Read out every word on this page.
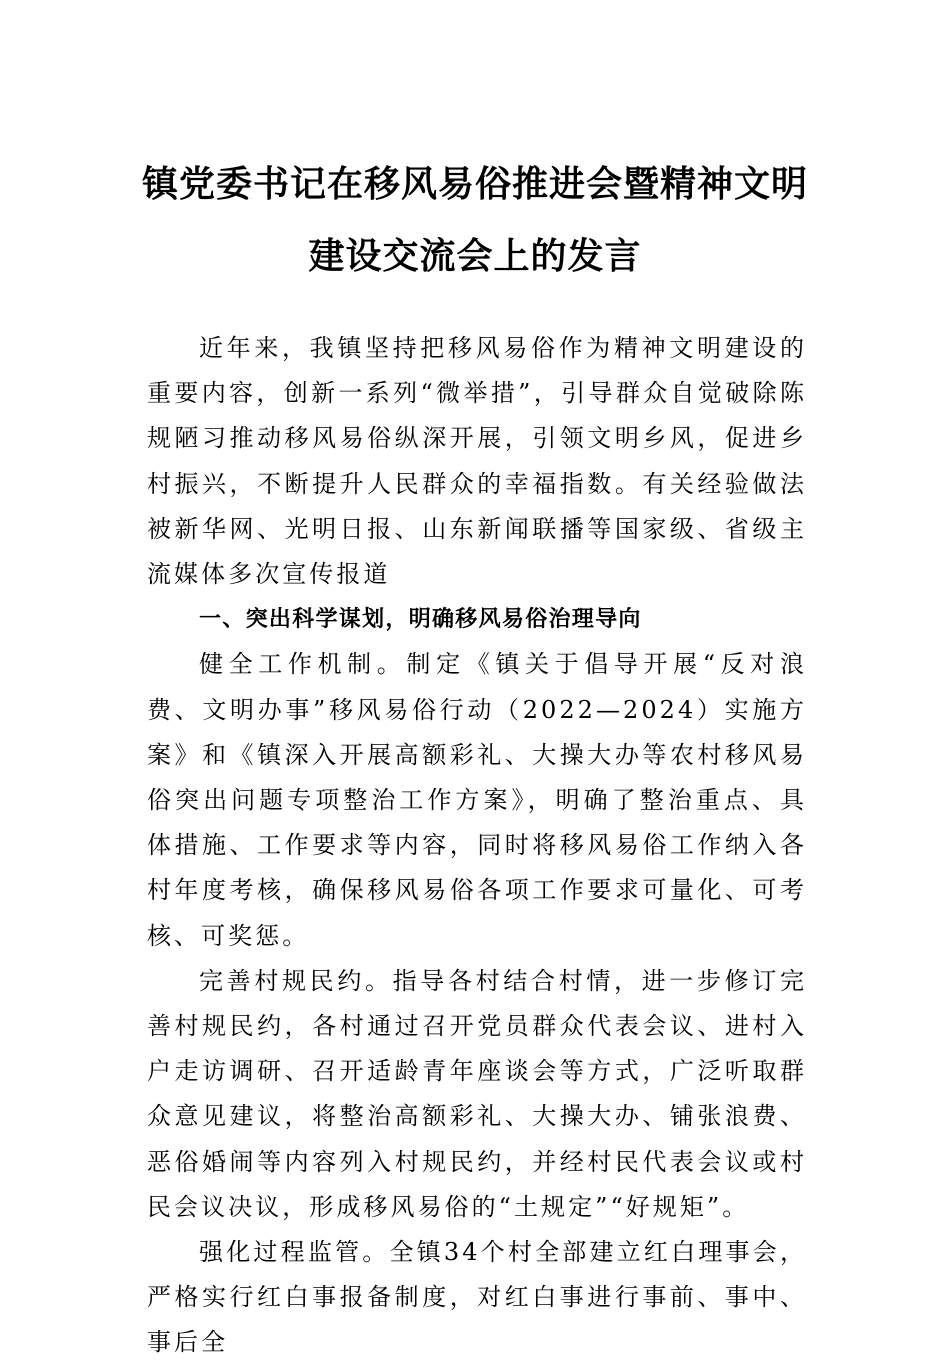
镇党委书记在移风易俗推进会暨精神文明
建设交流会上的发言

近年来，我镇坚持把移风易俗作为精神文明建设的重要内容，创新一系列“微举措”，引导群众自觉破除陈规陋习推动移风易俗纵深开展，引领文明乡风，促进乡村振兴，不断提升人民群众的幸福指数。有关经验做法被新华网、光明日报、山东新闻联播等国家级、省级主流媒体多次宣传报道

一、突出科学谋划，明确移风易俗治理导向

健全工作机制。制定《镇关于倡导开展“反对浪费、文明办事”移风易俗行动（2022—2024）实施方案》和《镇深入开展高额彩礼、大操大办等农村移风易俗突出问题专项整治工作方案》，明确了整治重点、具体措施、工作要求等内容，同时将移风易俗工作纳入各村年度考核，确保移风易俗各项工作要求可量化、可考核、可奖惩。

完善村规民约。指导各村结合村情，进一步修订完善村规民约，各村通过召开党员群众代表会议、进村入户走访调研、召开适龄青年座谈会等方式，广泛听取群众意见建议，将整治高额彩礼、大操大办、铺张浪费、恶俗婚闹等内容列入村规民约，并经村民代表会议或村民会议决议，形成移风易俗的“土规定”“好规矩”。

强化过程监管。全镇34个村全部建立红白理事会，严格实行红白事报备制度，对红白事进行事前、事中、事后全
